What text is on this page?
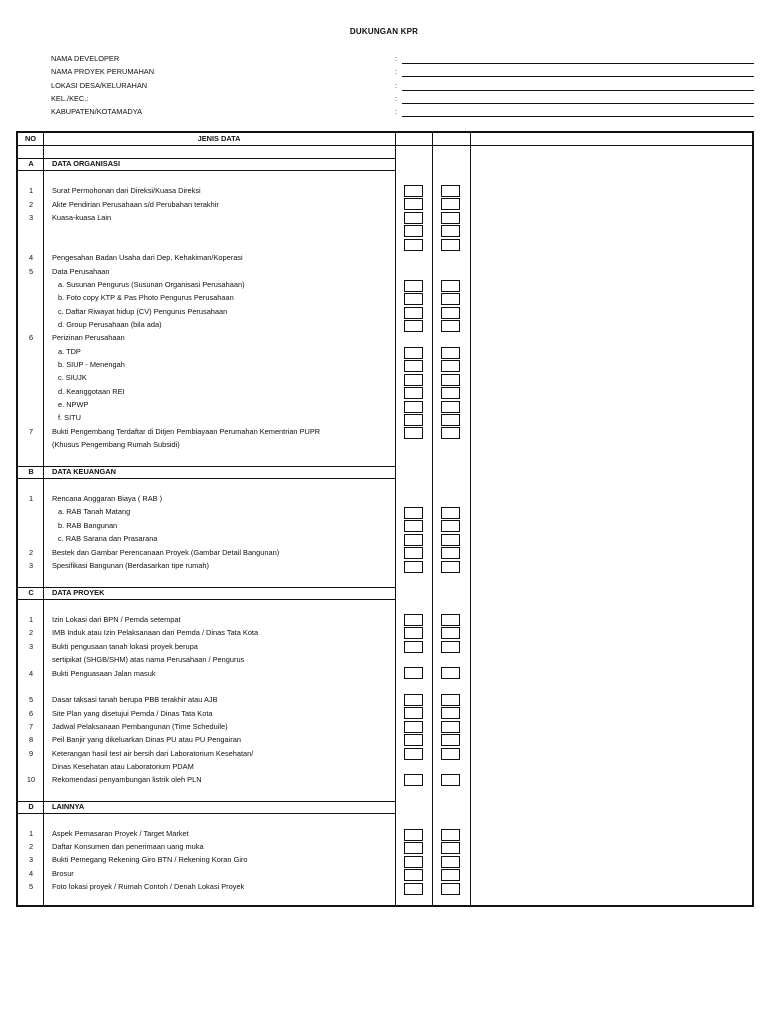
DUKUNGAN KPR
NAMA DEVELOPER	:
NAMA PROYEK PERUMAHAN	:
LOKASI DESA/KELURAHAN	:
KEL./KEC.:	:
KABUPATEN/KOTAMADYA	:
NO	JENIS DATA
A	DATA ORGANISASI
1	Surat Permohonan dari Direksi/Kuasa Direksi
2	Akte Pendirian Perusahaan s/d Perubahan terakhir
3	Kuasa-kuasa Lain
4	Pengesahan Badan Usaha dari Dep. Kehakiman/Koperasi
5	Data Perusahaan
a. Susunan Pengurus (Susunan Organisasi Perusahaan)
b. Foto copy KTP & Pas Photo Pengurus Perusahaan
c. Daftar Riwayat hidup (CV) Pengurus Perusahaan
d. Group Perusahaan (bila ada)
6	Perizinan Perusahaan
a. TDP
b. SIUP - Menengah
c. SIUJK
d. Keanggotaan REI
e. NPWP
f. SITU
7	Bukti Pengembang Terdaftar di Ditjen Pembiayaan Perumahan Kementrian PUPR
(Khusus Pengembang Rumah Subsidi)
B	DATA KEUANGAN
1	Rencana Anggaran Biaya ( RAB )
a. RAB Tanah Matang
b. RAB Bangunan
c. RAB Sarana dan Prasarana
2	Bestek dan Gambar Perencanaan Proyek (Gambar Detail Bangunan)
3	Spesifikasi Bangunan (Berdasarkan tipe rumah)
C	DATA PROYEK
1	Izin Lokasi dari BPN / Pemda setempat
2	IMB Induk atau Izin Pelaksanaan dari Pemda / Dinas Tata Kota
3	Bukti pengusaan tanah lokasi proyek berupa
sertipikat (SHGB/SHM) atas nama Perusahaan / Pengurus
4	Bukti Penguasaan Jalan masuk
5	Dasar taksasi tanah berupa PBB terakhir atau AJB
6	Site Plan yang disetujui Pemda / Dinas Tata Kota
7	Jadwal Pelaksanaan Pembangunan (Time Scheduile)
8	Peil Banjir yang dikeluarkan Dinas PU atau PU Pengairan
9	Keterangan hasil test air bersih dari Laboratorium Kesehatan/
Dinas Kesehatan atau Laboratorium PDAM
10	Rekomendasi penyambungan listrik oleh PLN
D	LAINNYA
1	Aspek Pemasaran Proyek / Target Market
2	Daftar Konsumen dan penerimaan uang muka
3	Bukti Pemegang Rekening Giro BTN / Rekening Koran Giro
4	Brosur
5	Foto lokasi proyek / Rumah Contoh / Denah Lokasi Proyek
